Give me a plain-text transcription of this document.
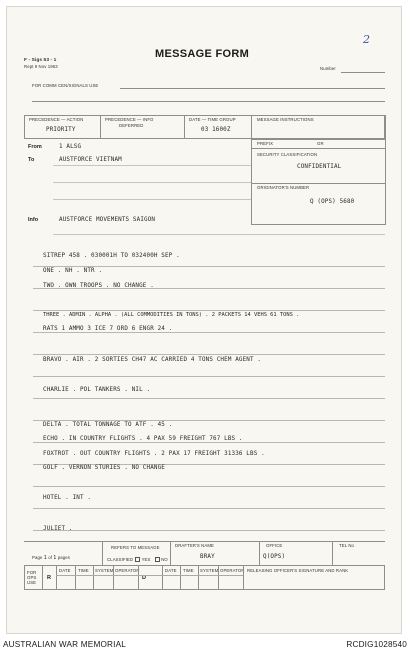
2
F - Sigs 53 - 1
Rept 9 Nov 1963
MESSAGE FORM
Number
FOR COMM CEN/SIGNALS USE
PRECEDENCE — ACTION
PRIORITY
PRECEDENCE — INFO
DEFERRED
DATE — TIME GROUP
03 1600Z
MESSAGE INSTRUCTIONS
PREFIX	GR
SECURITY CLASSIFICATION
CONFIDENTIAL
ORIGINATOR'S NUMBER
Q (OPS) 5680
From	1 ALSG
To	AUSTFORCE VIETNAM
Info	AUSTFORCE MOVEMENTS SAIGON
SITREP 458 . 030001H TO 032400H SEP .
ONE . NH . NTR .
TWO . OWN TROOPS . NO CHANGE .
THREE . ADMIN . ALPHA . (ALL COMMODITIES IN TONS) . 2 PACKETS 14 VEHS 61 TONS .
RATS 1 AMMO 3 ICE 7 ORD 6 ENGR 24 .
BRAVO . AIR . 2 SORTIES CH47 AC CARRIED 4 TONS CHEM AGENT .
CHARLIE . POL TANKERS . NIL .
DELTA . TOTAL TONNAGE TO ATF . 45 .
ECHO . IN COUNTRY FLIGHTS . 4 PAX 59 FREIGHT 767 LBS .
FOXTROT . OUT COUNTRY FLIGHTS . 2 PAX 17 FREIGHT 31336 LBS .
GOLF . VERNON STURIES . NO CHANGE
HOTEL . INT .
JULIET .
REFERS TO MESSAGE
CLASSIFIED YES NO
Page 1 of 1 pages
DRAFTER'S NAME
BRAY
OFFICE
Q(OPS)
TEL No
FOR
OPS
USE
R
DATE TIME SYSTEM OPERATOR
D
DATE TIME SYSTEM OPERATOR RELEASING OFFICER'S SIGNATURE AND RANK
AUSTRALIAN WAR MEMORIAL	RCDIG1028540
